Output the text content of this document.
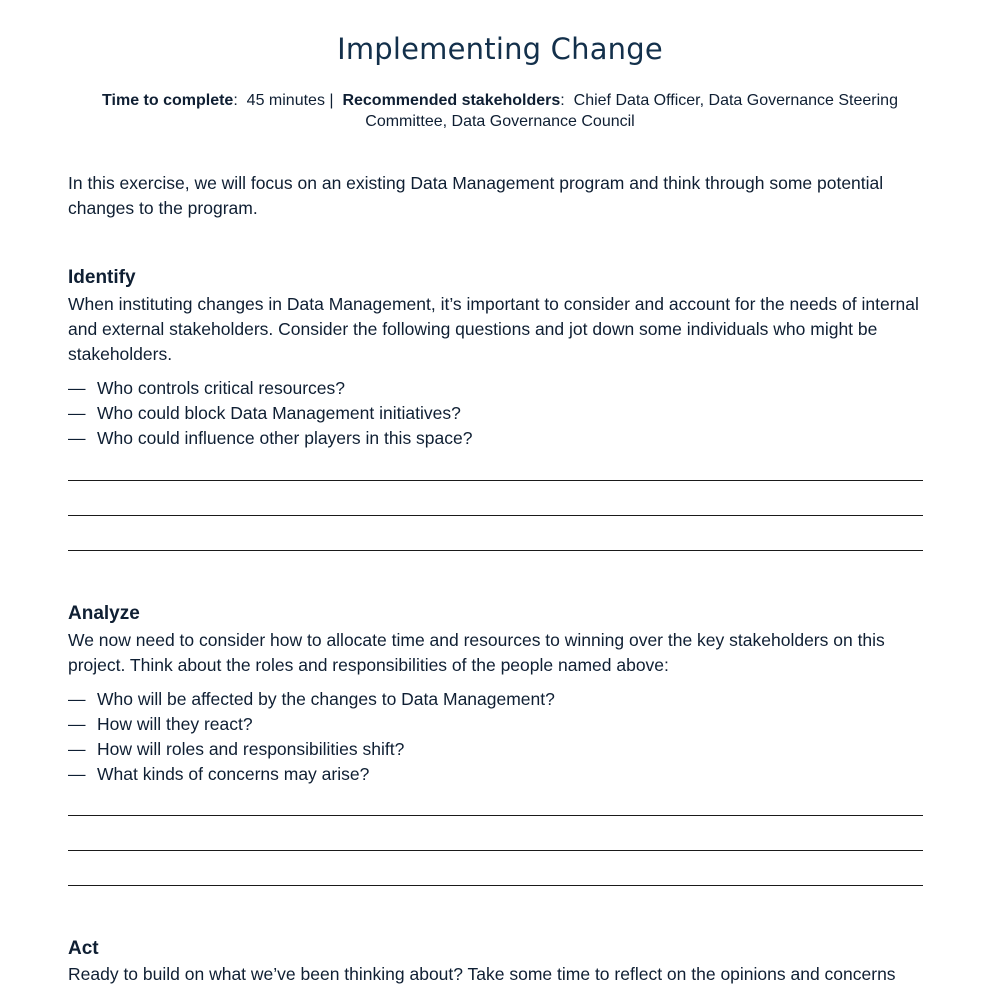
Implementing Change
Time to complete:  45 minutes | Recommended stakeholders:  Chief Data Officer, Data Governance Steering Committee, Data Governance Council
In this exercise, we will focus on an existing Data Management program and think through some potential changes to the program.
Identify
When instituting changes in Data Management, it’s important to consider and account for the needs of internal and external stakeholders. Consider the following questions and jot down some individuals who might be stakeholders.
— Who controls critical resources?
— Who could block Data Management initiatives?
— Who could influence other players in this space?
Analyze
We now need to consider how to allocate time and resources to winning over the key stakeholders on this project. Think about the roles and responsibilities of the people named above:
— Who will be affected by the changes to Data Management?
— How will they react?
— How will roles and responsibilities shift?
— What kinds of concerns may arise?
Act
Ready to build on what we’ve been thinking about? Take some time to reflect on the opinions and concerns
